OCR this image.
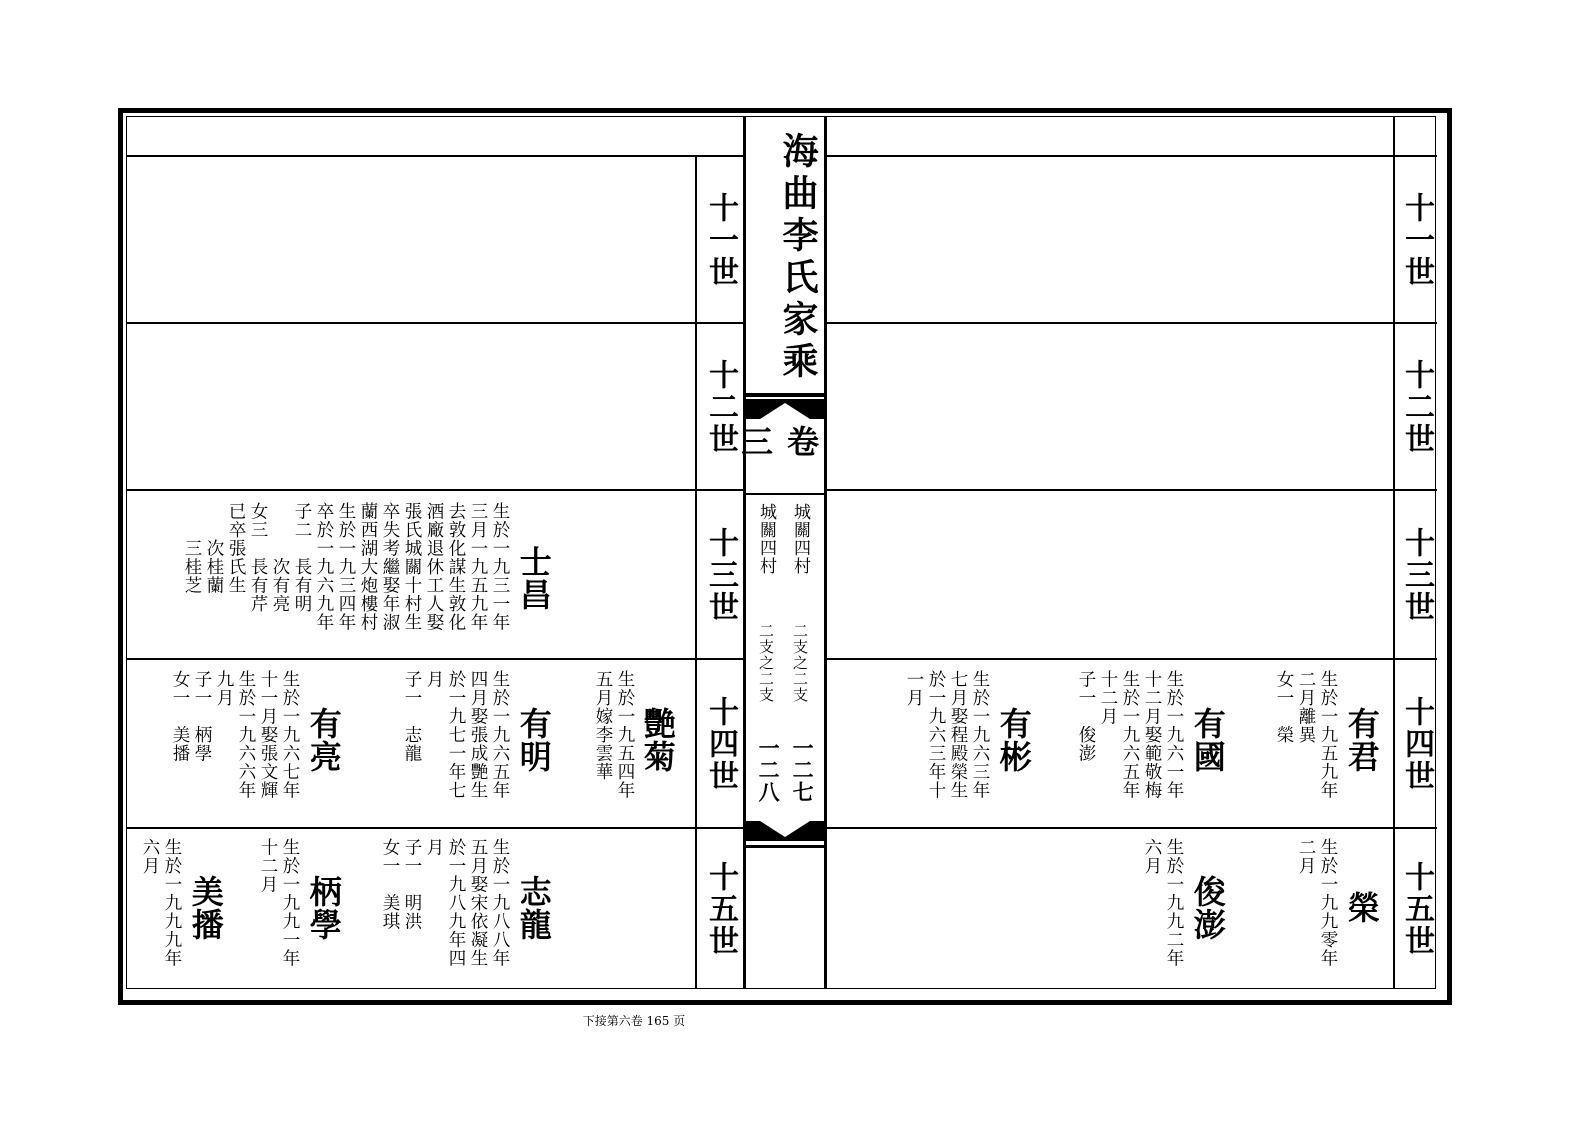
十一世
十二世
十三世
十四世
十五世
士昌
生於一九三一年
三月一九五九年
去敦化謀生敦化
酒廠退休工人娶
張氏城關十村生
卒失考繼娶年淑
蘭西湖大炮樓村
生於一九三四年
卒於一九六九年
子二　長有明
　　　次有亮
女三　長有芹
已卒張氏生
　　次桂蘭
　　三桂芝
艷菊
生於一九五四年
五月嫁李雲華
有明
生於一九六五年
四月娶張成艷生
於一九七一年七
月
子一　志龍
有亮
生於一九六七年
十一月娶張文輝
生於一九六六年
九月
子一　柄學
女一　美播
志龍
生於一九八八年
五月娶宋依凝生
於一九八九年四
月
子一　明洪
女一　美琪
柄學
生於一九九一年
十二月
美播
生於一九九九年
六月
海曲李氏家乘
卷三
城關四村
二支之二支
一二七
城關四村
二支之二支
一二八
十一世
十二世
十三世
十四世
十五世
有君
生於一九五九年
二月離異
女一　榮
有國
生於一九六一年
十二月娶範敬梅
生於一九六五年
十二月
子一　俊澎
有彬
生於一九六三年
七月娶程殿榮生
於一九六三年十
一月
榮
生於一九九零年
二月
俊澎
生於一九九二年
六月
下接第六卷 165 页
